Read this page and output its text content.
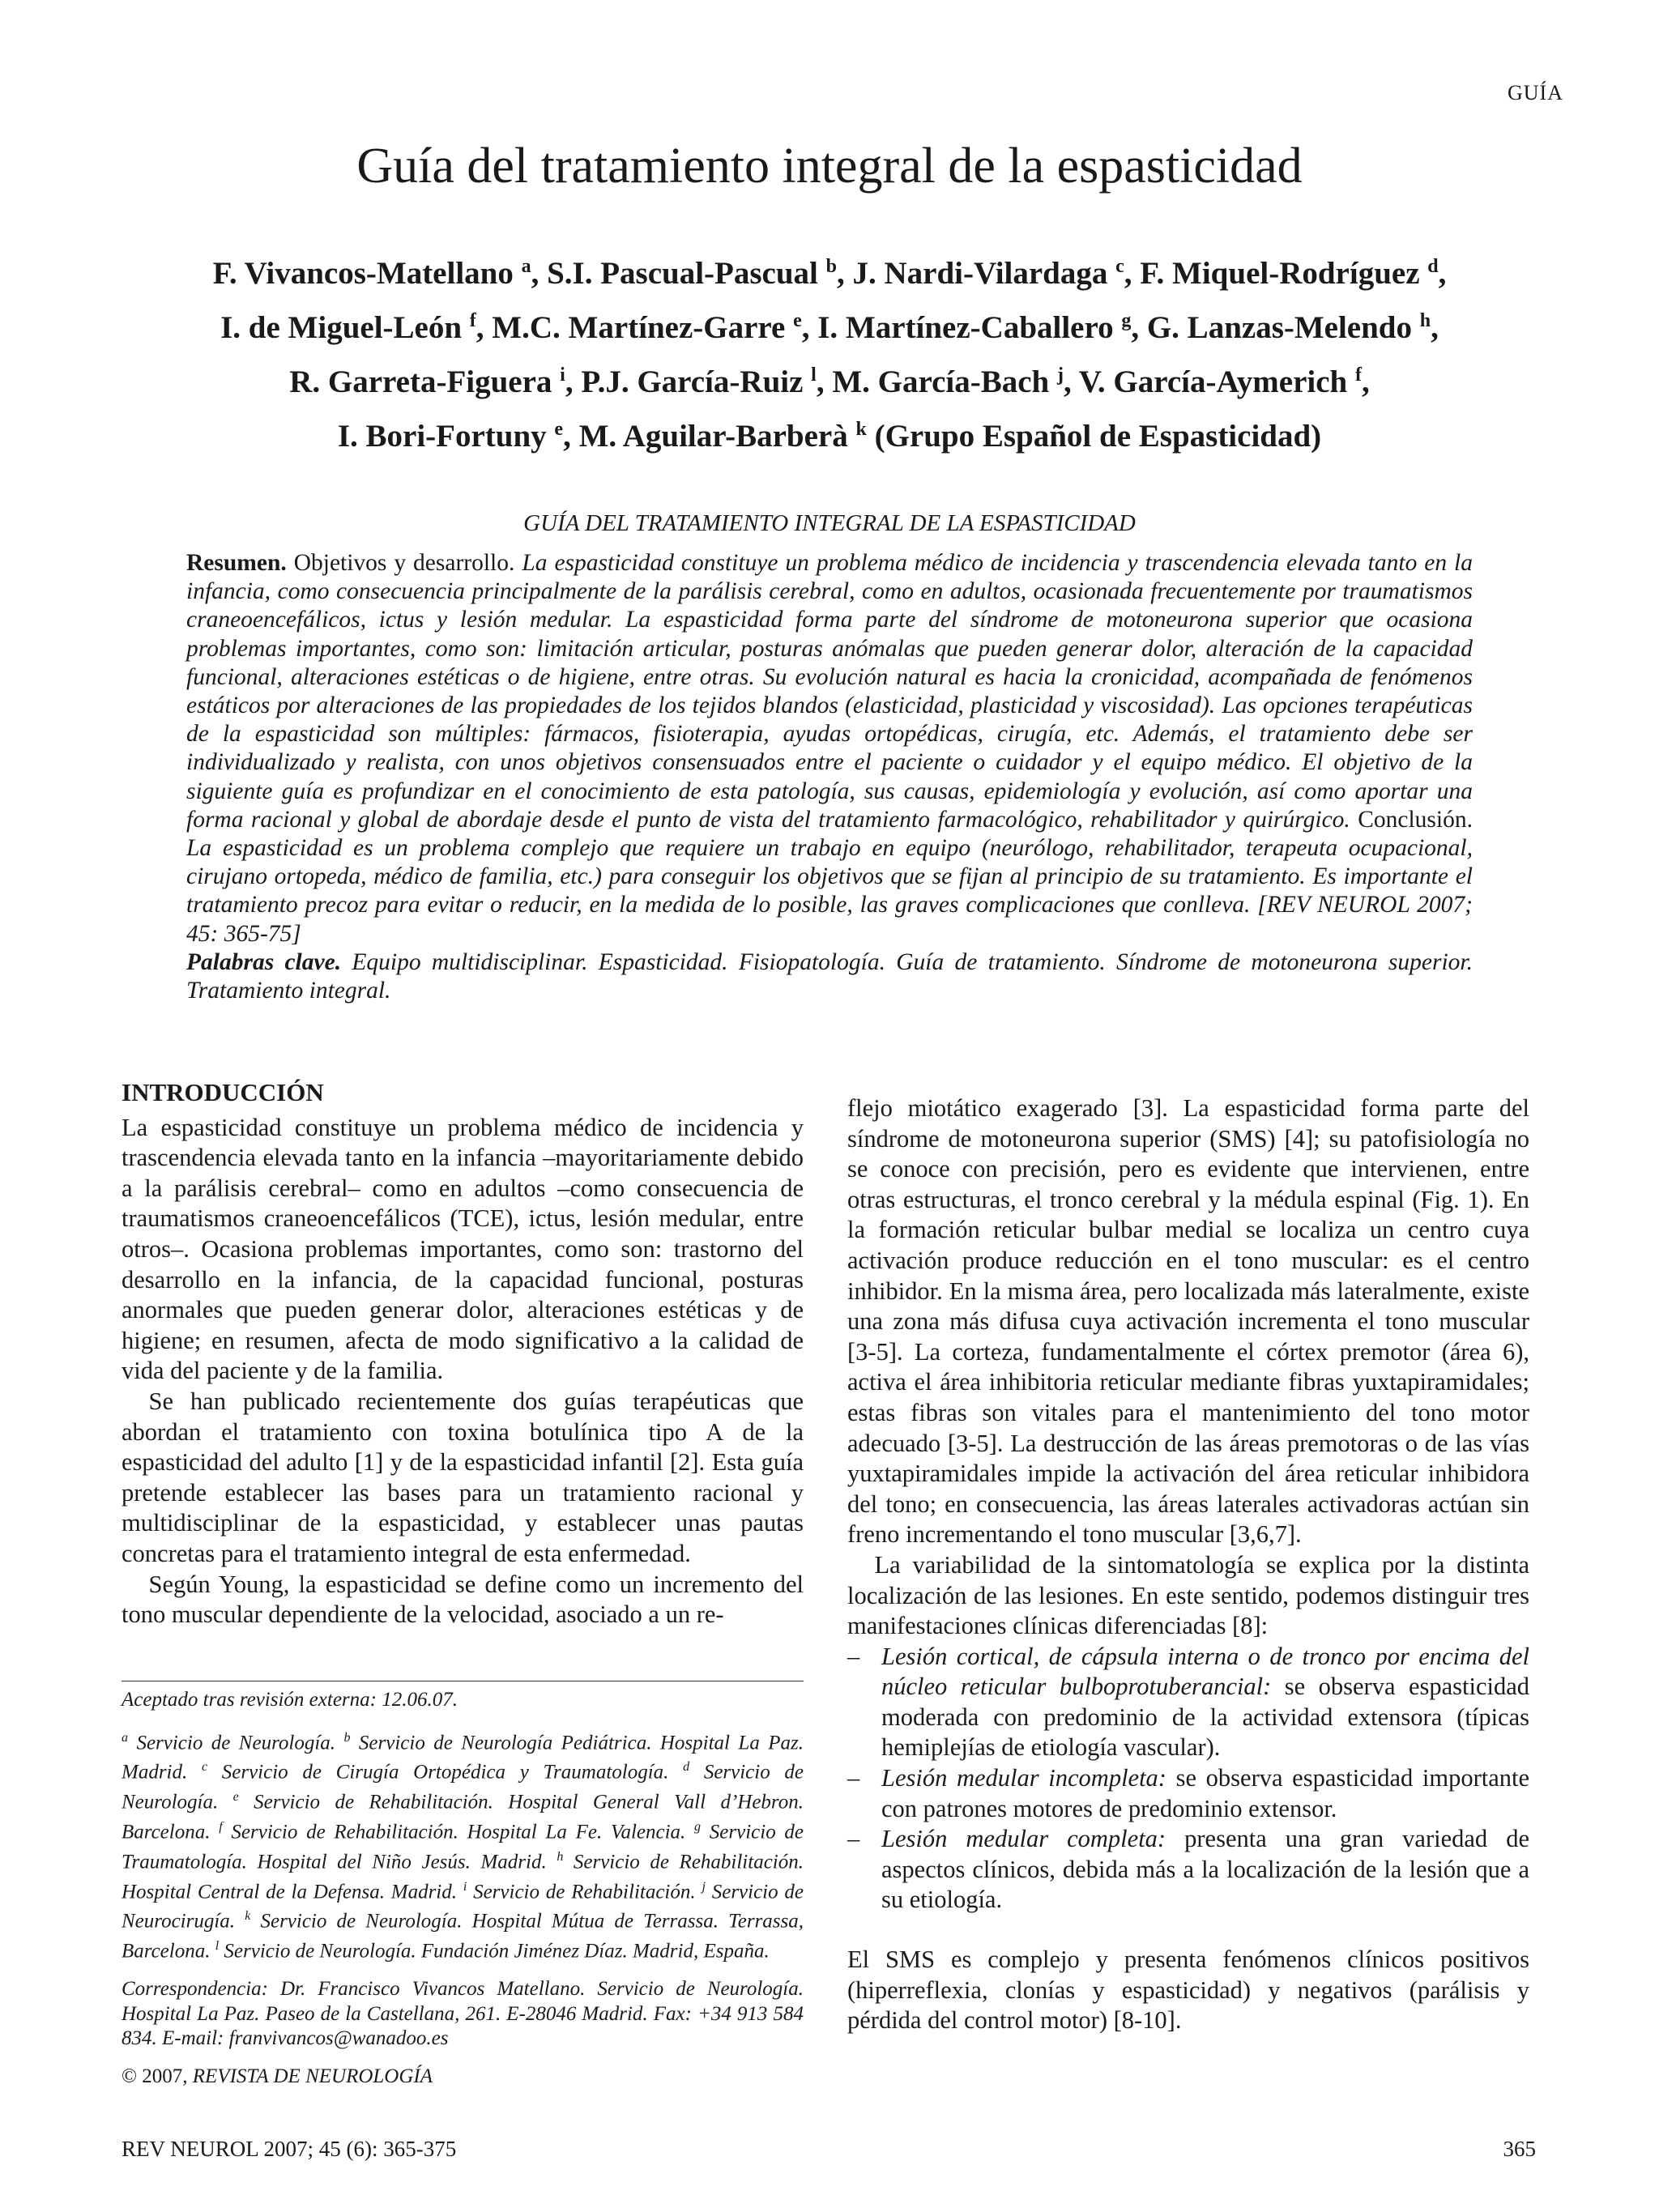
GUÍA
Guía del tratamiento integral de la espasticidad
F. Vivancos-Matellano $^a$, S.I. Pascual-Pascual $^b$, J. Nardi-Vilardaga $^c$, F. Miquel-Rodríguez $^d$,
I. de Miguel-León $^f$, M.C. Martínez-Garre $^e$, I. Martínez-Caballero $^g$, G. Lanzas-Melendo $^h$,
R. Garreta-Figuera $^i$, P.J. García-Ruiz $^l$, M. García-Bach $^j$, V. García-Aymerich $^f$,
I. Bori-Fortuny $^e$, M. Aguilar-Barberà $^k$ (Grupo Español de Espasticidad)
GUÍA DEL TRATAMIENTO INTEGRAL DE LA ESPASTICIDAD
Resumen. Objetivos y desarrollo. La espasticidad constituye un problema médico de incidencia y trascendencia elevada tanto en la infancia, como consecuencia principalmente de la parálisis cerebral, como en adultos, ocasionada frecuentemente por traumatismos craneoencefálicos, ictus y lesión medular. La espasticidad forma parte del síndrome de motoneurona superior que ocasiona problemas importantes, como son: limitación articular, posturas anómalas que pueden generar dolor, alteración de la capacidad funcional, alteraciones estéticas o de higiene, entre otras. Su evolución natural es hacia la cronicidad, acompañada de fenómenos estáticos por alteraciones de las propiedades de los tejidos blandos (elasticidad, plasticidad y viscosidad). Las opciones terapéuticas de la espasticidad son múltiples: fármacos, fisioterapia, ayudas ortopédicas, cirugía, etc. Además, el tratamiento debe ser individualizado y realista, con unos objetivos consensuados entre el paciente o cuidador y el equipo médico. El objetivo de la siguiente guía es profundizar en el conocimiento de esta patología, sus causas, epidemiología y evolución, así como aportar una forma racional y global de abordaje desde el punto de vista del tratamiento farmacológico, rehabilitador y quirúrgico. Conclusión. La espasticidad es un problema complejo que requiere un trabajo en equipo (neurólogo, rehabilitador, terapeuta ocupacional, cirujano ortopeda, médico de familia, etc.) para conseguir los objetivos que se fijan al principio de su tratamiento. Es importante el tratamiento precoz para evitar o reducir, en la medida de lo posible, las graves complicaciones que conlleva. [REV NEUROL 2007; 45: 365-75]
Palabras clave. Equipo multidisciplinar. Espasticidad. Fisiopatología. Guía de tratamiento. Síndrome de motoneurona superior. Tratamiento integral.
INTRODUCCIÓN

La espasticidad constituye un problema médico de incidencia y trascendencia elevada tanto en la infancia –mayoritariamente debido a la parálisis cerebral– como en adultos –como consecuencia de traumatismos craneoencefálicos (TCE), ictus, lesión medular, entre otros–. Ocasiona problemas importantes, como son: trastorno del desarrollo en la infancia, de la capacidad funcional, posturas anormales que pueden generar dolor, alteraciones estéticas y de higiene; en resumen, afecta de modo significativo a la calidad de vida del paciente y de la familia.

Se han publicado recientemente dos guías terapéuticas que abordan el tratamiento con toxina botulínica tipo A de la espasticidad del adulto [1] y de la espasticidad infantil [2]. Esta guía pretende establecer las bases para un tratamiento racional y multidisciplinar de la espasticidad, y establecer unas pautas concretas para el tratamiento integral de esta enfermedad.

Según Young, la espasticidad se define como un incremento del tono muscular dependiente de la velocidad, asociado a un re-

flejo miotático exagerado [3]. La espasticidad forma parte del síndrome de motoneurona superior (SMS) [4]; su patofisiología no se conoce con precisión, pero es evidente que intervienen, entre otras estructuras, el tronco cerebral y la médula espinal (Fig. 1). En la formación reticular bulbar medial se localiza un centro cuya activación produce reducción en el tono muscular: es el centro inhibidor. En la misma área, pero localizada más lateralmente, existe una zona más difusa cuya activación incrementa el tono muscular [3-5]. La corteza, fundamentalmente el córtex premotor (área 6), activa el área inhibitoria reticular mediante fibras yuxtapiramidales; estas fibras son vitales para el mantenimiento del tono motor adecuado [3-5]. La destrucción de las áreas premotoras o de las vías yuxtapiramidales impide la activación del área reticular inhibidora del tono; en consecuencia, las áreas laterales activadoras actúan sin freno incrementando el tono muscular [3,6,7].

La variabilidad de la sintomatología se explica por la distinta localización de las lesiones. En este sentido, podemos distinguir tres manifestaciones clínicas diferenciadas [8]:

– Lesión cortical, de cápsula interna o de tronco por encima del núcleo reticular bulboprotuberancial: se observa espasticidad moderada con predominio de la actividad extensora (típicas hemiplejías de etiología vascular).
– Lesión medular incompleta: se observa espasticidad importante con patrones motores de predominio extensor.
– Lesión medular completa: presenta una gran variedad de aspectos clínicos, debida más a la localización de la lesión que a su etiología.

El SMS es complejo y presenta fenómenos clínicos positivos (hiperreflexia, clonías y espasticidad) y negativos (parálisis y pérdida del control motor) [8-10].

Aceptado tras revisión externa: 12.06.07.

$^a$ Servicio de Neurología. $^b$ Servicio de Neurología Pediátrica. Hospital La Paz. Madrid. $^c$ Servicio de Cirugía Ortopédica y Traumatología. $^d$ Servicio de Neurología. $^e$ Servicio de Rehabilitación. Hospital General Vall d’Hebron. Barcelona. $^f$ Servicio de Rehabilitación. Hospital La Fe. Valencia. $^g$ Servicio de Traumatología. Hospital del Niño Jesús. Madrid. $^h$ Servicio de Rehabilitación. Hospital Central de la Defensa. Madrid. $^i$ Servicio de Rehabilitación. $^j$ Servicio de Neurocirugía. $^k$ Servicio de Neurología. Hospital Mútua de Terrassa. Terrassa, Barcelona. $^l$ Servicio de Neurología. Fundación Jiménez Díaz. Madrid, España.

Correspondencia: Dr. Francisco Vivancos Matellano. Servicio de Neurología. Hospital La Paz. Paseo de la Castellana, 261. E-28046 Madrid. Fax: +34 913 584 834. E-mail: franvivancos@wanadoo.es

© 2007, REVISTA DE NEUROLOGÍA

REV NEUROL 2007; 45 (6): 365-375	365
